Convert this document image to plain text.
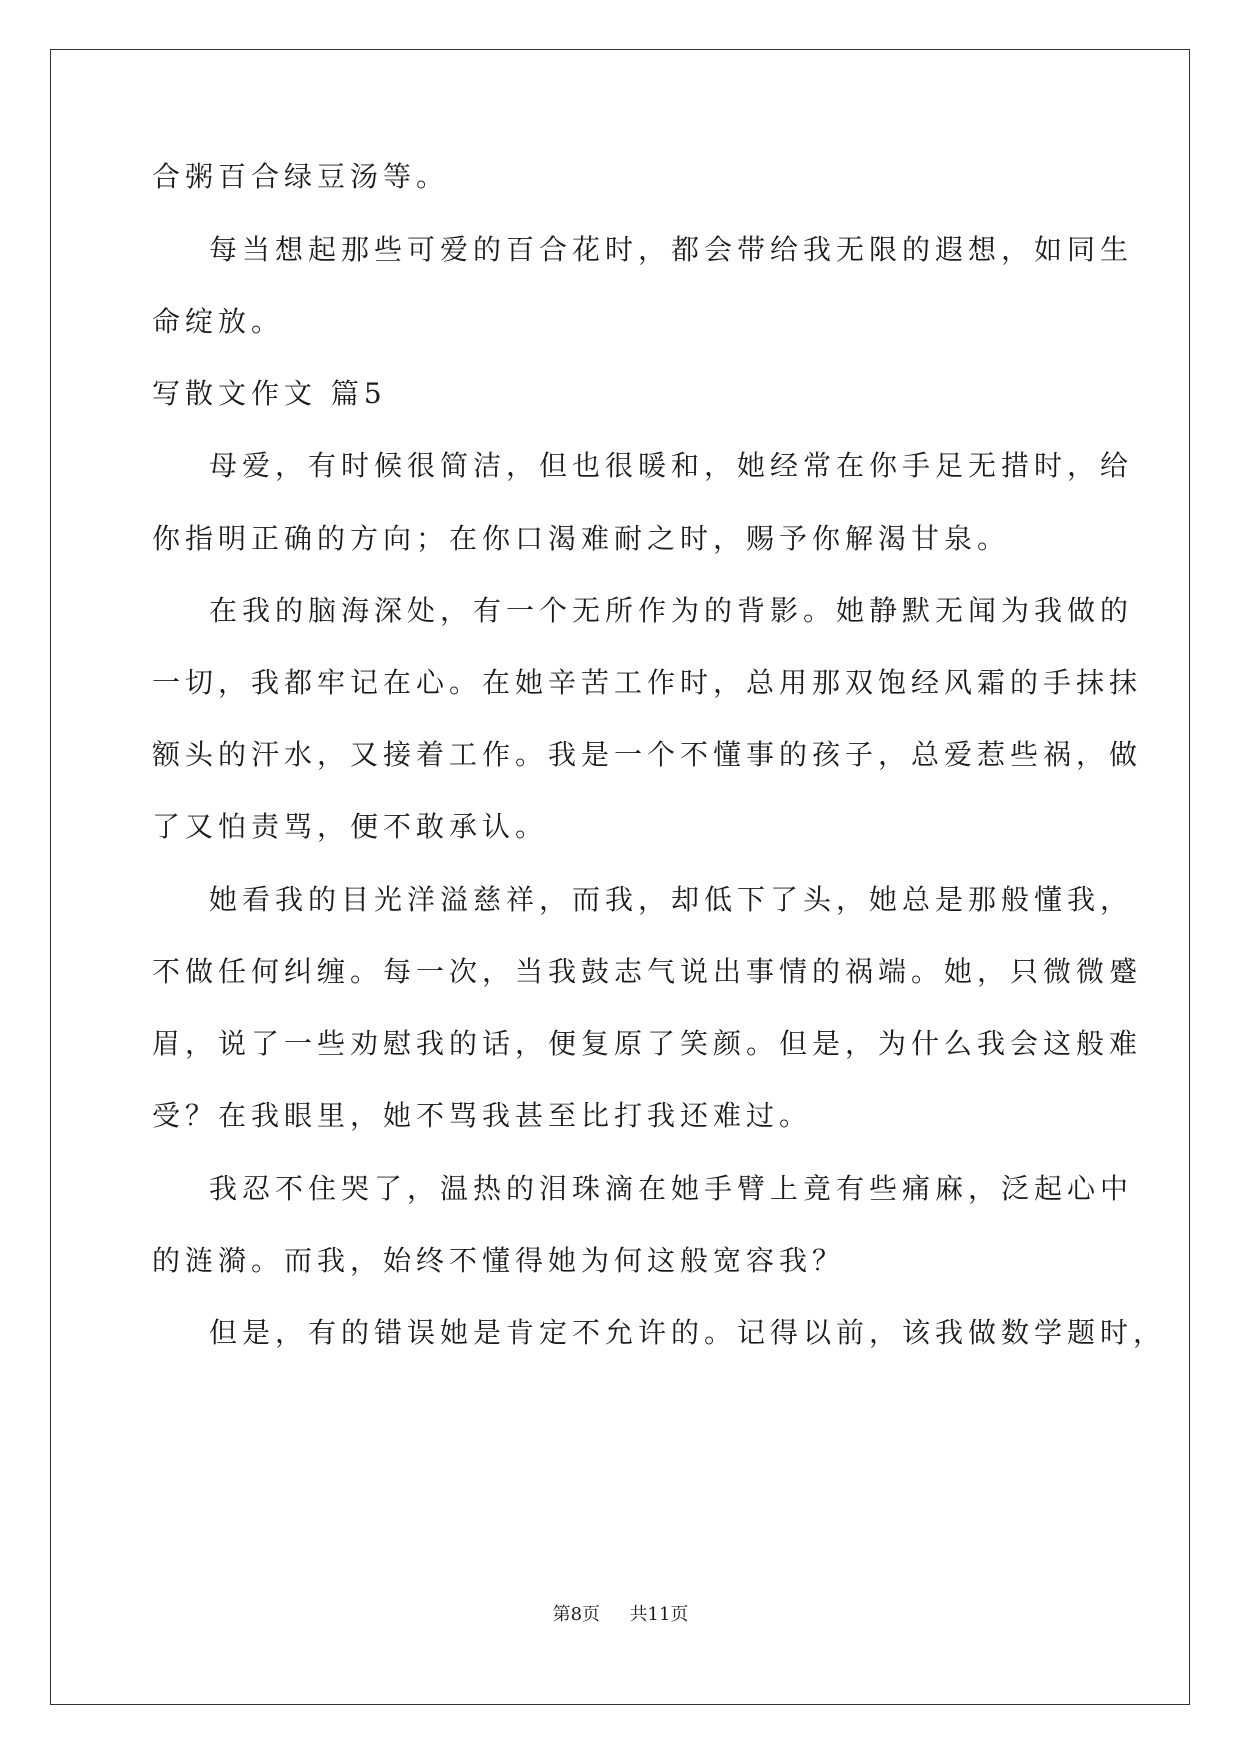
合粥百合绿豆汤等。
每当想起那些可爱的百合花时，都会带给我无限的遐想，如同生
命绽放。
写散文作文 篇5
母爱，有时候很简洁，但也很暖和，她经常在你手足无措时，给
你指明正确的方向；在你口渴难耐之时，赐予你解渴甘泉。
在我的脑海深处，有一个无所作为的背影。她静默无闻为我做的
一切，我都牢记在心。在她辛苦工作时，总用那双饱经风霜的手抹抹
额头的汗水，又接着工作。我是一个不懂事的孩子，总爱惹些祸，做
了又怕责骂，便不敢承认。
她看我的目光洋溢慈祥，而我，却低下了头，她总是那般懂我，
不做任何纠缠。每一次，当我鼓志气说出事情的祸端。她，只微微蹙
眉，说了一些劝慰我的话，便复原了笑颜。但是，为什么我会这般难
受？在我眼里，她不骂我甚至比打我还难过。
我忍不住哭了，温热的泪珠滴在她手臂上竟有些痛麻，泛起心中
的涟漪。而我，始终不懂得她为何这般宽容我？
但是，有的错误她是肯定不允许的。记得以前，该我做数学题时，
第8页 共11页
